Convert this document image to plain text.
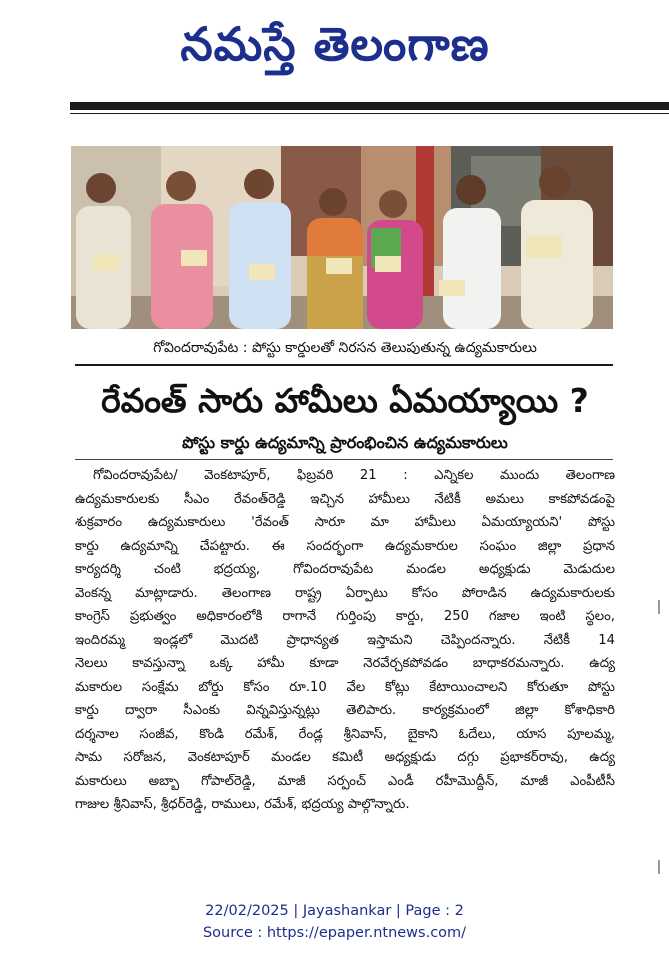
నమస్తే తెలంగాణ
గోవిందరావుపేట : పోస్టు కార్డులతో నిరసన తెలుపుతున్న ఉద్యమకారులు
రేవంత్ సారు హామీలు ఏమయ్యాయి ?
పోస్టు కార్డు ఉద్యమాన్ని ప్రారంభించిన ఉద్యమకారులు
గోవిందరావుపేట/ వెంకటాపూర్, ఫిబ్రవరి 21 : ఎన్నికల ముందు తెలంగాణ
ఉద్యమకారులకు సీఎం రేవంత్‌రెడ్డి ఇచ్చిన హామీలు నేటికీ అమలు కాకపోవడంపై
శుక్రవారం ఉద్యమకారులు 'రేవంత్ సారూ మా హామీలు ఏమయ్యాయని' పోస్టు
కార్డు ఉద్యమాన్ని చేపట్టారు. ఈ సందర్భంగా ఉద్యమకారుల సంఘం జిల్లా ప్రధాన
కార్యదర్శి చంటి భద్రయ్య, గోవిందరావుపేట మండల అధ్యక్షుడు మెడుదుల
వెంకన్న మాట్లాడారు. తెలంగాణ రాష్ట్ర ఏర్పాటు కోసం పోరాడిన ఉద్యమకారులకు
కాంగ్రెస్ ప్రభుత్వం అధికారంలోకి రాగానే గుర్తింపు కార్డు, 250 గజాల ఇంటి స్థలం,
ఇందిరమ్మ ఇండ్లలో మొదటి ప్రాధాన్యత ఇస్తామని చెప్పిందన్నారు. నేటికీ 14
నెలలు కావస్తున్నా ఒక్క హామీ కూడా నెరవేర్చకపోవడం బాధాకరమన్నారు. ఉద్య
మకారుల సంక్షేమ బోర్డు కోసం రూ.10 వేల కోట్లు కేటాయించాలని కోరుతూ పోస్టు
కార్డు ద్వారా సీఎంకు విన్నవిస్తున్నట్లు తెలిపారు. కార్యక్రమంలో జిల్లా కోశాధికారి
దర్శనాల సంజీవ, కొండి రమేశ్, రేండ్ల శ్రీనివాస్, బైకాని ఓదేలు, యాస పూలమ్మ,
సామ సరోజన, వెంకటాపూర్ మండల కమిటీ అధ్యక్షుడు దగ్గు ప్రభాకర్‌రావు, ఉద్య
మకారులు అబ్బా గోపాల్‌రెడ్డి, మాజీ సర్పంచ్ ఎండీ రహీమొద్దీన్, మాజీ ఎంపీటీసీ
గాజుల శ్రీనివాస్, శ్రీధర్‌రెడ్డి, రాములు, రమేశ్, భద్రయ్య పాల్గొన్నారు.
22/02/2025 | Jayashankar | Page : 2
Source : https://epaper.ntnews.com/
